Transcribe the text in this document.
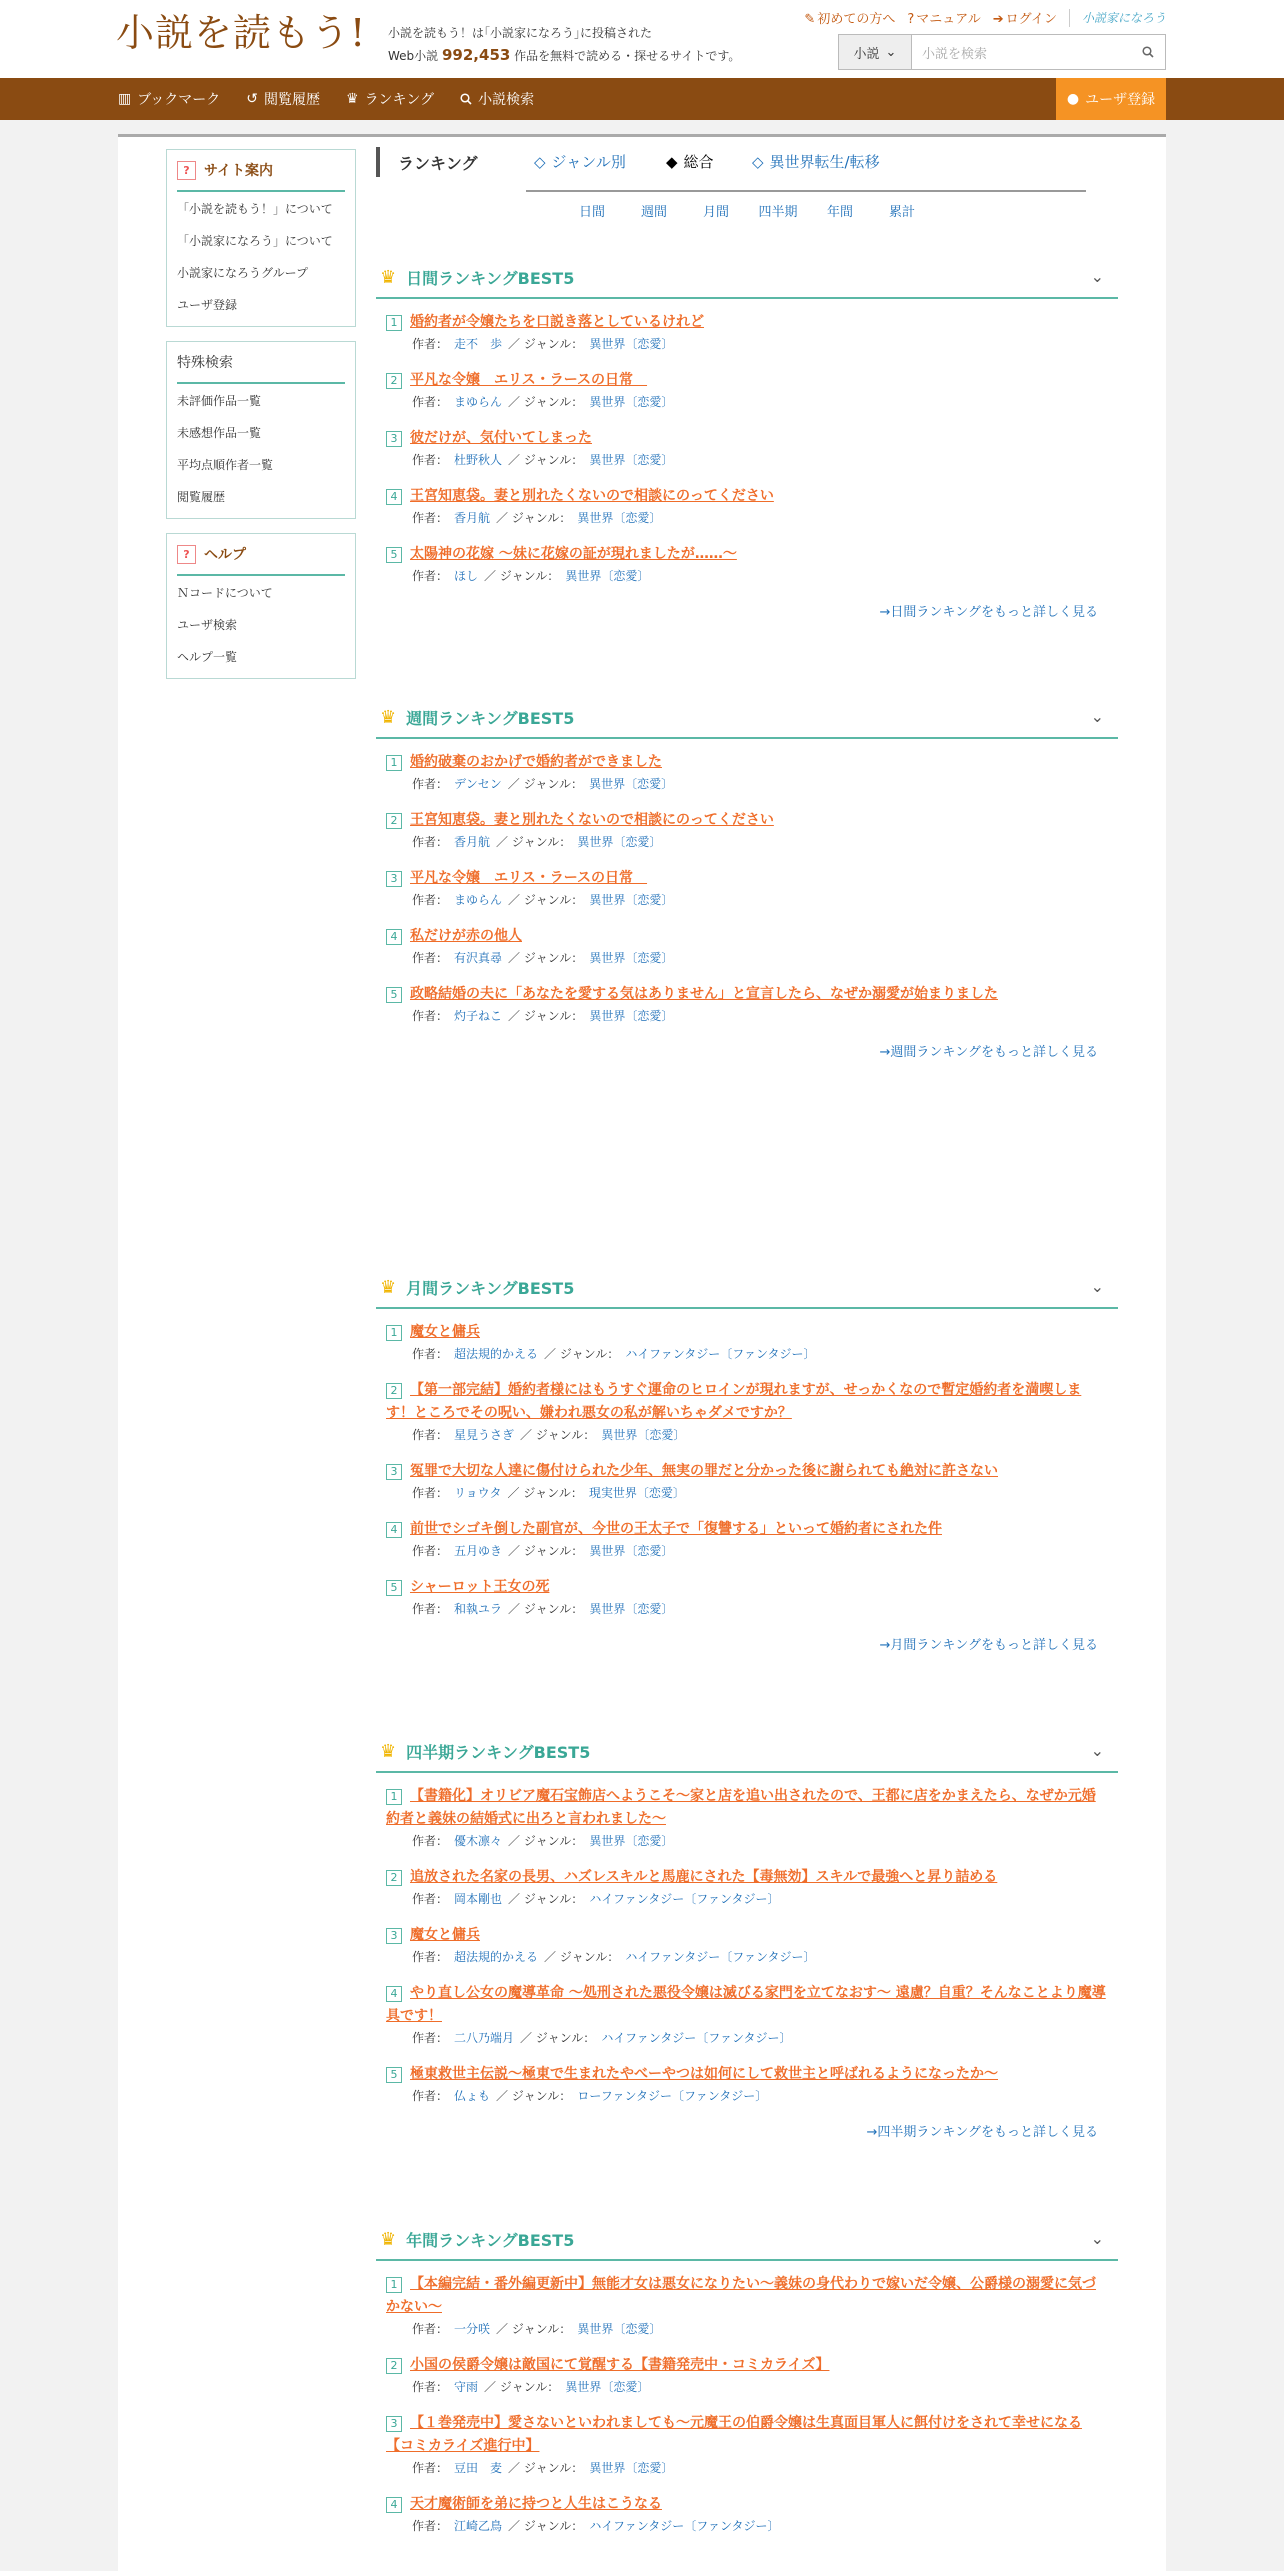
小説を読もう! 小説を読もう！は｢小説家になろう｣に投稿された
Web小説 992,453 作品を無料で読める・探せるサイトです。
✎ 初めての方へ ? マニュアル ➔ ログイン 小説家になろう
小説 ⌄	小説を検索
▥ ブックマーク ↺ 閲覧履歴 ♛ ランキング	小説検索	● ユーザ登録
?	サイト案内
「小説を読もう！」について
「小説家になろう」について
小説家になろうグループ
ユーザ登録
特殊検索
未評価作品一覧
未感想作品一覧
平均点順作者一覧
閲覧履歴
?	ヘルプ
Ｎコードについて
ユーザ検索
ヘルプ一覧
ランキング	◇ ジャンル別	◆ 総合	◇ 異世界転生/転移
日間	週間	月間	四半期	年間	累計
♛ 日間ランキングBEST5	⌄
1 婚約者が令嬢たちを口説き落としているけれど
作者： 走不　歩 ／ ジャンル： 異世界〔恋愛〕
2 平凡な令嬢　エリス・ラースの日常　
作者： まゆらん ／ ジャンル： 異世界〔恋愛〕
3 彼だけが、気付いてしまった
作者： 杜野秋人 ／ ジャンル： 異世界〔恋愛〕
4 王宮知恵袋。妻と別れたくないので相談にのってください
作者： 香月航 ／ ジャンル： 異世界〔恋愛〕
5 太陽神の花嫁 ～妹に花嫁の証が現れましたが……～
作者： ほし ／ ジャンル： 異世界〔恋愛〕
→日間ランキングをもっと詳しく見る
♛ 週間ランキングBEST5	⌄
1 婚約破棄のおかげで婚約者ができました
作者： デンセン ／ ジャンル： 異世界〔恋愛〕
2 王宮知恵袋。妻と別れたくないので相談にのってください
作者： 香月航 ／ ジャンル： 異世界〔恋愛〕
3 平凡な令嬢　エリス・ラースの日常　
作者： まゆらん ／ ジャンル： 異世界〔恋愛〕
4 私だけが赤の他人
作者： 有沢真尋 ／ ジャンル： 異世界〔恋愛〕
5 政略結婚の夫に「あなたを愛する気はありません」と宣言したら、なぜか溺愛が始まりました
作者： 灼子ねこ ／ ジャンル： 異世界〔恋愛〕
→週間ランキングをもっと詳しく見る
♛ 月間ランキングBEST5	⌄
1 魔女と傭兵
作者： 超法規的かえる ／ ジャンル： ハイファンタジー〔ファンタジー〕
2 【第一部完結】婚約者様にはもうすぐ運命のヒロインが現れますが、せっかくなので暫定婚約者を満喫します！ところでその呪い、嫌われ悪女の私が解いちゃダメですか？
作者： 星見うさぎ ／ ジャンル： 異世界〔恋愛〕
3 冤罪で大切な人達に傷付けられた少年、無実の罪だと分かった後に謝られても絶対に許さない
作者： リョウタ ／ ジャンル： 現実世界〔恋愛〕
4 前世でシゴキ倒した副官が、今世の王太子で「復讐する」といって婚約者にされた件
作者： 五月ゆき ／ ジャンル： 異世界〔恋愛〕
5 シャーロット王女の死
作者： 和執ユラ ／ ジャンル： 異世界〔恋愛〕
→月間ランキングをもっと詳しく見る
♛ 四半期ランキングBEST5	⌄
1 【書籍化】オリビア魔石宝飾店へようこそ～家と店を追い出されたので、王都に店をかまえたら、なぜか元婚約者と義妹の結婚式に出ろと言われました～
作者： 優木凛々 ／ ジャンル： 異世界〔恋愛〕
2 追放された名家の長男、ハズレスキルと馬鹿にされた【毒無効】スキルで最強へと昇り詰める
作者： 岡本剛也 ／ ジャンル： ハイファンタジー〔ファンタジー〕
3 魔女と傭兵
作者： 超法規的かえる ／ ジャンル： ハイファンタジー〔ファンタジー〕
4 やり直し公女の魔導革命 ～処刑された悪役令嬢は滅びる家門を立てなおす～ 遠慮？自重？そんなことより魔導具です！
作者： 二八乃端月 ／ ジャンル： ハイファンタジー〔ファンタジー〕
5 極東救世主伝説～極東で生まれたやべーやつは如何にして救世主と呼ばれるようになったか～
作者： 仏ょも ／ ジャンル： ローファンタジー〔ファンタジー〕
→四半期ランキングをもっと詳しく見る
♛ 年間ランキングBEST5	⌄
1 【本編完結・番外編更新中】無能才女は悪女になりたい～義妹の身代わりで嫁いだ令嬢、公爵様の溺愛に気づかない～
作者： 一分咲 ／ ジャンル： 異世界〔恋愛〕
2 小国の侯爵令嬢は敵国にて覚醒する【書籍発売中・コミカライズ】
作者： 守雨 ／ ジャンル： 異世界〔恋愛〕
3 【１巻発売中】愛さないといわれましても～元魔王の伯爵令嬢は生真面目軍人に餌付けをされて幸せになる【コミカライズ進行中】
作者： 豆田　麦 ／ ジャンル： 異世界〔恋愛〕
4 天才魔術師を弟に持つと人生はこうなる
作者： 江崎乙鳥 ／ ジャンル： ハイファンタジー〔ファンタジー〕
